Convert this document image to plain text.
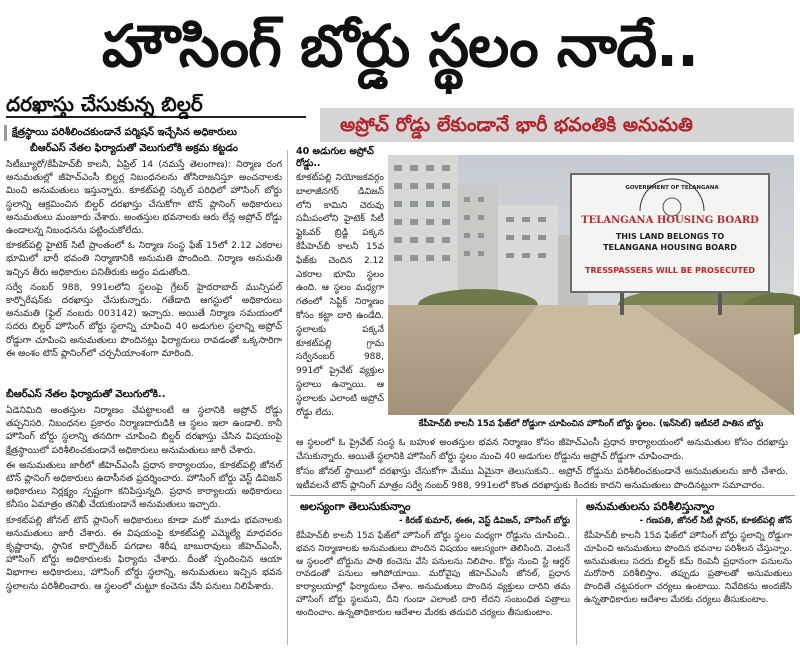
హౌసింగ్ బోర్డు స్థలం నాదే..
దరఖాస్తు చేసుకున్న బిల్డర్
అప్రోచ్ రోడ్డు లేకుండానే భారీ భవంతికి అనుమతి
క్షేత్రస్థాయి పరిశీలించకుండానే పర్మిషన్ ఇచ్చేసిన అధికారులు
బీఆర్ఎస్ నేతల ఫిర్యాదుతో వెలుగులోకి అక్రమ కట్టడం

సిటీబ్యూరో/కేపీహెచ్‌బీ కాలనీ, ఏప్రిల్ 14 (నమస్తే తెలంగాణ): నిర్మాణ రంగ అనుమతుల్లో జీహెచ్ఎంసీ బిల్డర్ల నిబంధనలను తోసిరాజనిస్తూ అంచనాలకు మించి అనుమతులు ఇస్తున్నారు. కూకట్‌పల్లి సర్కిల్ పరిధిలో హౌసింగ్ బోర్డు స్థలాన్ని ఆక్రమించిన బిల్డర్ దరఖాస్తు చేసుకోగా టౌన్ ప్లానింగ్ అధికారులు అనుమతులు మంజూరు చేశారు. అంతస్తుల భవనాలకు ఆరు లేన్ల అప్రోచ్ రోడ్డు ఉండాలన్న నిబంధనను పట్టించుకోలేదు.

కూకట్‌పల్లి హైటెక్ సిటీ ప్రాంతంలో ఓ నిర్మాణ సంస్థ ఫేజ్ 15లో 2.12 ఎకరాల భూమిలో భారీ భవంతి నిర్మాణానికి అనుమతి పొందింది. నిర్మాణ అనుమతి ఇచ్చిన తీరు అధికారుల పనితీరుకు అద్దం పడుతోంది.

సర్వే నంబర్ 988, 991లలోని స్థలంపై గ్రేటర్ హైదరాబాద్ మున్సిపల్ కార్పొరేషన్‌కు దరఖాస్తు చేసుకున్నారు. గతేడాది ఆగస్టులో అధికారులు అనుమతి (ఫైల్ నంబరు 003142) ఇచ్చారు. అయితే నిర్మాణ సమయంలో సదరు బిల్డర్ హౌసింగ్ బోర్డు స్థలాన్ని చూపించి 40 అడుగుల స్థలాన్ని అప్రోచ్ రోడ్డుగా చూపించి అనుమతులు పొందినట్లు ఫిర్యాదులు రావడంతో ఒక్కసారిగా ఈ అంశం టౌన్ ప్లానింగ్‌లో చర్చనీయాంశంగా మారింది.

బీఆర్ఎస్ నేతల ఫిర్యాదుతో వెలుగులోకి..

ఏడెనిమిది అంతస్తుల నిర్మాణం చేపట్టాలంటే ఆ స్థలానికి అప్రోచ్ రోడ్డు తప్పనిసరి. నిబంధనల ప్రకారం నిర్మాణదారుడికి ఆ స్థలం ఇలా ఉండాలి. కానీ హౌసింగ్ బోర్డు స్థలాన్ని తనదిగా చూపించి బిల్డర్ దరఖాస్తు చేసిన విషయంపై క్షేత్రస్థాయిలో పరిశీలించకుండానే అధికారులు అనుమతులు జారీ చేశారు.

ఈ అనుమతులు జారీలో జీహెచ్ఎంసీ ప్రధాన కార్యాలయం, కూకట్‌పల్లి జోనల్ టౌన్ ప్లానింగ్ అధికారులు ఉదాసీనత ప్రదర్శించారు. హౌసింగ్ బోర్డు వెస్ట్ డివిజన్ అధికారులు నిర్లక్ష్యం స్పష్టంగా కనిపిస్తున్నది. ప్రధాన కార్యాలయ అధికారులు కనీసం ఏమాత్రం తనిఖీ చేయకుండానే అనుమతులు ఇచ్చారు.

కూకట్‌పల్లి జోనల్ టౌన్ ప్లానింగ్ అధికారులు కూడా మరో మూడు భవనాలకు అనుమతులు జారీ చేశారు. ఈ విషయంపై కూకట్‌పల్లి ఎమ్మెల్యే మాధవరం కృష్ణారావు, స్థానిక కార్పొరేటర్ పగడాల శిరీష బాబురావులు జీహెచ్ఎంసీ, హౌసింగ్ బోర్డు అధికారులకు ఫిర్యాదు చేశారు. దీంతో స్పందించిన ఆయా విభాగాల అధికారులు, హౌసింగ్ బోర్డు స్థలాన్ని, అనుమతులు ఇచ్చిన భవన స్థలాలను పరిశీలించారు. ఆ స్థలంలో చుట్టూ కంచెను వేసి పనులు నిలిపేశారు.

40 అడుగుల అప్రోచ్ రోడ్డు..

కూకట్‌పల్లి నియోజకవర్గం బాలాజీనగర్ డివిజన్ లోని కామిని చెరువు సమీపంలోని హైటెక్ సిటీ ఫ్లైఓవర్ బ్రిడ్జి పక్కన కేపీహెచ్‌బీ కాలనీ 15వ ఫేజ్‌కు చెందిన 2.12 ఎకరాల భూమి స్థలం ఉంది. ఆ స్థలం మధ్యగా గతంలో సెప్టిక్ నిర్మాణం కోసం కట్టా దారి ఉండేది. స్థలాలకు పక్కనే కూకట్‌పల్లి గ్రామ సర్వేనంబర్ 988, 991లో ప్రైవేట్ వ్యక్తుల స్థలాలు ఉన్నాయి. ఆ స్థలాలకు ఎలాంటి అప్రోచ్ రోడ్డు లేదు.

ఆ స్థలంలో ఓ ప్రైవేట్ సంస్థ ఓ బహుళ అంతస్తుల భవన నిర్మాణం కోసం జీహెచ్ఎంసీ ప్రధాన కార్యాలయంలో అనుమతుల కోసం దరఖాస్తు చేసుకున్నారు. అయితే స్థలానికి హౌసింగ్ బోర్డు స్థలం నుంచి 40 అడుగుల రోడ్డును అప్రోచ్ రోడ్డుగా చూపించారు.

కోసం జోనల్ స్థాయిలో దరఖాస్తు చేసుకోగా మేము ఏమైనా తెలుసుకుని.. అప్రోచ్ రోడ్డును పరిశీలించకుండానే అనుమతులను జారీ చేశారు. ఇటీవలనే టౌన్ ప్లానింగ్ మాత్రం సర్వే నంబర్ 988, 991లలో కొంత దరఖాస్తుకు కిందకు కాదని అనుమతులు పొందినట్లుగా సమాచారం.

GOVERNMENT OF TELANGANA
TELANGANA HOUSING BOARD
THIS LAND BELONGS TO
TELANGANA HOUSING BOARD
TRESSPASSERS WILL BE PROSECUTED
కేపీహెచ్‌బీ కాలనీ 15వ ఫేజ్‌లో రోడ్డుగా చూపించిన హౌసింగ్ బోర్డు స్థలం. (ఇన్‌సెట్) ఇటీవలే పాతిన బోర్డు
అలస్యంగా తెలుసుకున్నాం
- కిరణ్ కుమార్, ఈఈ, వెస్ట్ డివిజన్, హౌసింగ్ బోర్డు

కేపీహెచ్‌బీ కాలనీ 15వ ఫేజ్‌లో హౌసింగ్ బోర్డు స్థలం మధ్యగా రోడ్డును చూపించి.. భవన నిర్మాణాలకు అనుమతులు పొందిన విషయం ఆలస్యంగా తెలిసింది. వెంటనే ఆ స్థలంలో బోర్డును పాతి కంచెను వేసి పనులను నిలిపాం. కోర్టు నుంచి స్టే ఆర్డర్ రావడంతో పనులు ఆగిపోయాయి. మరోవైపు జీహెచ్ఎంసీ జోనల్, ప్రధాన కార్యాలయాల్లో ఫిర్యాదులు చేశాం. అనుమతులు పొందిన వ్యక్తులు దారిని తమ హౌసింగ్ బోర్డు స్థలమని, దీని గుండా ఎలాంటి దారి లేదని సంబంధిత పత్రాలు అందించాం. ఉన్నతాధికారుల ఆదేశాల మేరకు తదుపరి చర్యలు తీసుకుంటాం.

అనుమతులను పరిశీలిస్తున్నాం
- గణపతి, జోనల్ సిటీ ప్లానర్, కూకట్‌పల్లి జోన్

కేపీహెచ్‌బీ కాలనీ 15వ ఫేజ్‌లో హౌసింగ్ బోర్డు స్థలాన్ని రోడ్డుగా చూపించి అనుమతులు పొందిన భవనాల పరిశీలన చేస్తున్నాం. అనుమతులు సదరు బిల్డర్ కమ్ రింపెనీ ప్రధానంగా పనులను మరోసారి పరిశీలిస్తాం. తప్పుడు ప్రతాలతో అనుమతులు పొందితే చట్టపరంగా చర్యలు ఉంటాయి. నివేదికను అందజేసి ఉన్నతాధికారుల ఆదేశాల మేరకు చర్యలు తీసుకుంటాం.
